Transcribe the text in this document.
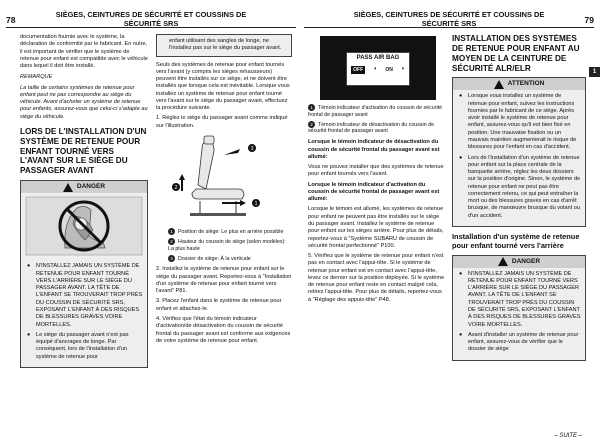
78
SIÈGES, CEINTURES DE SÉCURITÉ ET COUSSINS DE SÉCURITÉ SRS
SIÈGES, CEINTURES DE SÉCURITÉ ET COUSSINS DE SÉCURITÉ SRS	79

documentation fournie avec le système, la déclaration de conformité par le fabricant. En outre, il est important de vérifier que le système de retenue pour enfant est compatible avec le véhicule dans lequel il doit être installé.

REMARQUE

La taille de certains systèmes de retenue pour enfant peut ne pas correspondre au siège du véhicule. Avant d'acheter un système de retenue pour enfants, assurez-vous que celui-ci s'adapte au siège du véhicule.

LORS DE L'INSTALLATION D'UN SYSTÈME DE RETENUE POUR ENFANT TOURNÉ VERS L'AVANT SUR LE SIÈGE DU PASSAGER AVANT
DANGER
● N'INSTALLEZ JAMAIS UN SYSTÈME DE RETENUE POUR ENFANT TOURNÉ VERS L'ARRIÈRE SUR LE SIÈGE DU PASSAGER AVANT. LA TÊTE DE L'ENFANT SE TROUVERAIT TROP PRÈS DU COUSSIN DE SÉCURITÉ SRS, EXPOSANT L'ENFANT À DES RISQUES DE BLESSURES GRAVES VOIRE MORTELLES.
● Le siège du passager avant n'est pas équipé d'ancrages de longe. Par conséquent, lors de l'installation d'un système de retenue pour
enfant utilisant des sangles de longe, ne l'installez pas sur le siège du passager avant.

Seuls des systèmes de retenue pour enfant tournés vers l'avant (y compris les sièges rehausseurs) peuvent être installés sur ce siège, et ne doivent être installés que lorsque cela est inévitable. Lorsque vous installez un système de retenue pour enfant tourné vers l'avant sur le siège du passager avant, effectuez la procédure suivante.

1. Réglez le siège du passager avant comme indiqué sur l'illustration.

3
2
1
1 Position de siège: Le plus en arrière possible
2 Hauteur du coussin de siège (selon modèles): La plus haute
3 Dossier de siège: À la verticale

2. Installez le système de retenue pour enfant sur le siège du passager avant. Reportez-vous à "Installation d'un système de retenue pour enfant tourné vers l'avant" P81.

3. Placez l'enfant dans le système de retenue pour enfant et attachez-le.

4. Vérifiez que l'état du témoin indicateur d'activation/de désactivation du coussin de sécurité frontal du passager avant est conforme aux exigences de votre système de retenue pour enfant.

PASS AIR BAG
OFF	◗ ON ◗
1 Témoin indicateur d'activation du coussin de sécurité frontal de passager avant
2 Témoin indicateur de désactivation du coussin de sécurité frontal de passager avant

Lorsque le témoin indicateur de désactivation du coussin de sécurité frontal du passager avant est allumé:

Vous ne pouvez installer que des systèmes de retenue pour enfant tournés vers l'avant.

Lorsque le témoin indicateur d'activation du coussin de sécurité frontal de passager avant est allumé:

Lorsque le témoin est allumé, les systèmes de retenue pour enfant ne peuvent pas être installés sur le siège du passager avant. Installez le système de retenue pour enfant sur les sièges arrière. Pour plus de détails, reportez-vous à "Système SUBARU de coussin de sécurité frontal perfectionné" P100.

5. Vérifiez que le système de retenue pour enfant n'est pas en contact avec l'appui-tête. Si le système de retenue pour enfant est en contact avec l'appui-tête, levez ce dernier sur la position déployée. Si le système de retenue pour enfant reste en contact malgré cela, retirez l'appui-tête. Pour plus de détails, reportez-vous à "Réglage des appuis-tête" P48.

INSTALLATION DES SYSTÈMES DE RETENUE POUR ENFANT AU MOYEN DE LA CEINTURE DE SÉCURITÉ ALR/ELR
ATTENTION
● Lorsque vous installez un système de retenue pour enfant, suivez les instructions fournies par le fabricant de ce siège. Après avoir installé le système de retenue pour enfant, assurez-vous qu'il est bien fixé en position. Une mauvaise fixation ou un mauvais maintien augmenterait le risque de blessures pour l'enfant en cas d'accident.
● Lors de l'installation d'un système de retenue pour enfant sur la place centrale de la banquette arrière, réglez les deux dossiers sur la position d'origine. Sinon, le système de retenue pour enfant ne peut pas être correctement retenu, ce qui peut entraîner la mort ou des blessures graves en cas d'arrêt brusque, de manœuvre brusque du volant ou d'un accident.
Installation d'un système de retenue pour enfant tourné vers l'arrière
DANGER
● N'INSTALLEZ JAMAIS UN SYSTÈME DE RETENUE POUR ENFANT TOURNÉ VERS L'ARRIÈRE SUR LE SIÈGE DU PASSAGER AVANT. LA TÊTE DE L'ENFANT SE TROUVERAIT TROP PRÈS DU COUSSIN DE SÉCURITÉ SRS, EXPOSANT L'ENFANT À DES RISQUES DE BLESSURES GRAVES VOIRE MORTELLES.
● Avant d'installer un système de retenue pour enfant, assurez-vous de vérifier que le dossier de siège
1
– SUITE –
